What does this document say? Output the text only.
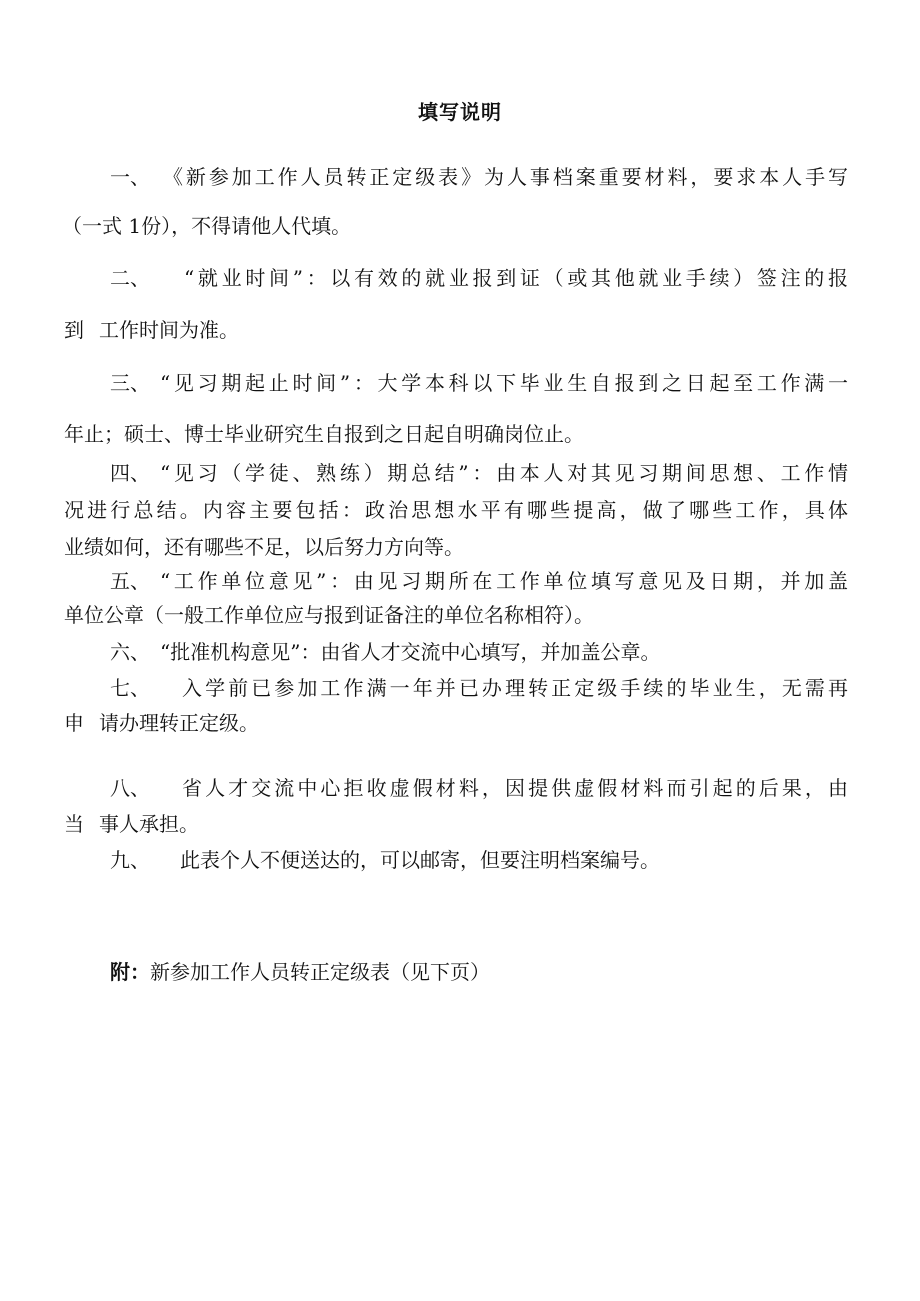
填写说明
一、 《新参加工作人员转正定级表》为人事档案重要材料，要求本人手写
（一式 1份），不得请他人代填。
二、 “就业时间”：以有效的就业报到证（或其他就业手续）签注的报
到 工作时间为准。
三、 “见习期起止时间”：大学本科以下毕业生自报到之日起至工作满一
年止；硕士、博士毕业研究生自报到之日起自明确岗位止。
四、 “见习（学徒、熟练）期总结”：由本人对其见习期间思想、工作情
况进行总结。内容主要包括：政治思想水平有哪些提高，做了哪些工作，具体
业绩如何，还有哪些不足，以后努力方向等。
五、 “工作单位意见”：由见习期所在工作单位填写意见及日期，并加盖
单位公章（一般工作单位应与报到证备注的单位名称相符）。
六、 “批准机构意见”：由省人才交流中心填写，并加盖公章。
七、 入学前已参加工作满一年并已办理转正定级手续的毕业生，无需再
申 请办理转正定级。
八、 省人才交流中心拒收虚假材料，因提供虚假材料而引起的后果，由
当 事人承担。
九、 此表个人不便送达的，可以邮寄，但要注明档案编号。
附：新参加工作人员转正定级表（见下页）
